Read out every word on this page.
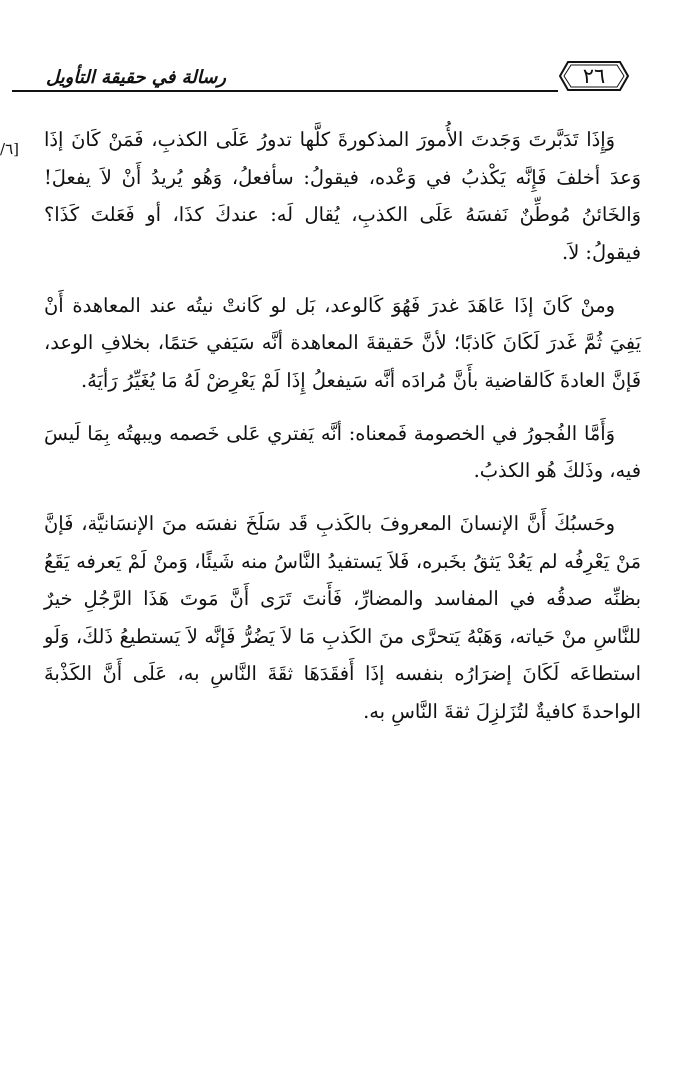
رسالة في حقيقة التأويل	٢٦
[٦/	وَإِذَا تَدَبَّرتَ وَجَدتَ الأُمورَ المذكورةَ كلَّها تدورُ عَلَى الكذبِ، فَمَنْ كَانَ إذَا وَعدَ أخلفَ فَإِنَّه يَكْذبُ في وَعْده، فيقولُ: سأفعلُ، وَهُو يُريدُ أَنْ لاَ يفعلَ! وَالخَائنُ مُوطِّنٌ نَفسَهُ عَلَى الكذبِ، يُقال لَه: عندكَ كذَا، أو فَعَلتَ كَذَا؟ فيقولُ: لاَ.

ومنْ كَانَ إذَا عَاهَدَ غدرَ فَهُوَ كَالوعد، بَل لو كَانتْ نيتُه عند المعاهدة أَنْ يَفِيَ ثُمَّ غَدرَ لَكَانَ كَاذبًا؛ لأنَّ حَقيقةَ المعاهدة أنَّه سَيَفي حَتمًا، بخلافِ الوعد، فَإنَّ العادةَ كَالقاضية بأَنَّ مُرادَه أنَّه سَيفعلُ إِذَا لَمْ يَعْرِضْ لَهُ مَا يُغَيِّرُ رَأيَهُ.

وَأَمَّا الفُجورُ في الخصومة فَمعناه: أنَّه يَفتري عَلى خَصمه ويبهتُه بِمَا لَيسَ فيه، وذَلكَ هُو الكذبُ.

وحَسبُكَ أَنَّ الإنسانَ المعروفَ بالكَذبِ قَد سَلَخَ نفسَه منَ الإنسَانيَّة، فَإنَّ مَنْ يَعْرِفُه لم يَعُدْ يَثقُ بخَبره، فَلاَ يَستفيدُ النَّاسُ منه شَيئًا، وَمنْ لَمْ يَعرفه يَقَعُ بظنِّه صدقُه في المفاسد والمضارِّ، فَأَنتَ تَرَى أَنَّ مَوتَ هَذَا الرَّجُلِ خيرٌ للنَّاسِ منْ حَياته، وَهَبْهُ يَتحرَّى منَ الكَذبِ مَا لاَ يَضُرُّ فَإنَّه لاَ يَستطيعُ ذَلكَ، وَلَو استطاعَه لَكَانَ إضرَارُه بنفسه إذَا أَفقَدَهَا ثقَةَ النَّاسِ به، عَلَى أَنَّ الكَذْبةَ الواحدةَ كافيةٌ لتُزَلزِلَ ثقةَ النَّاسِ به.
